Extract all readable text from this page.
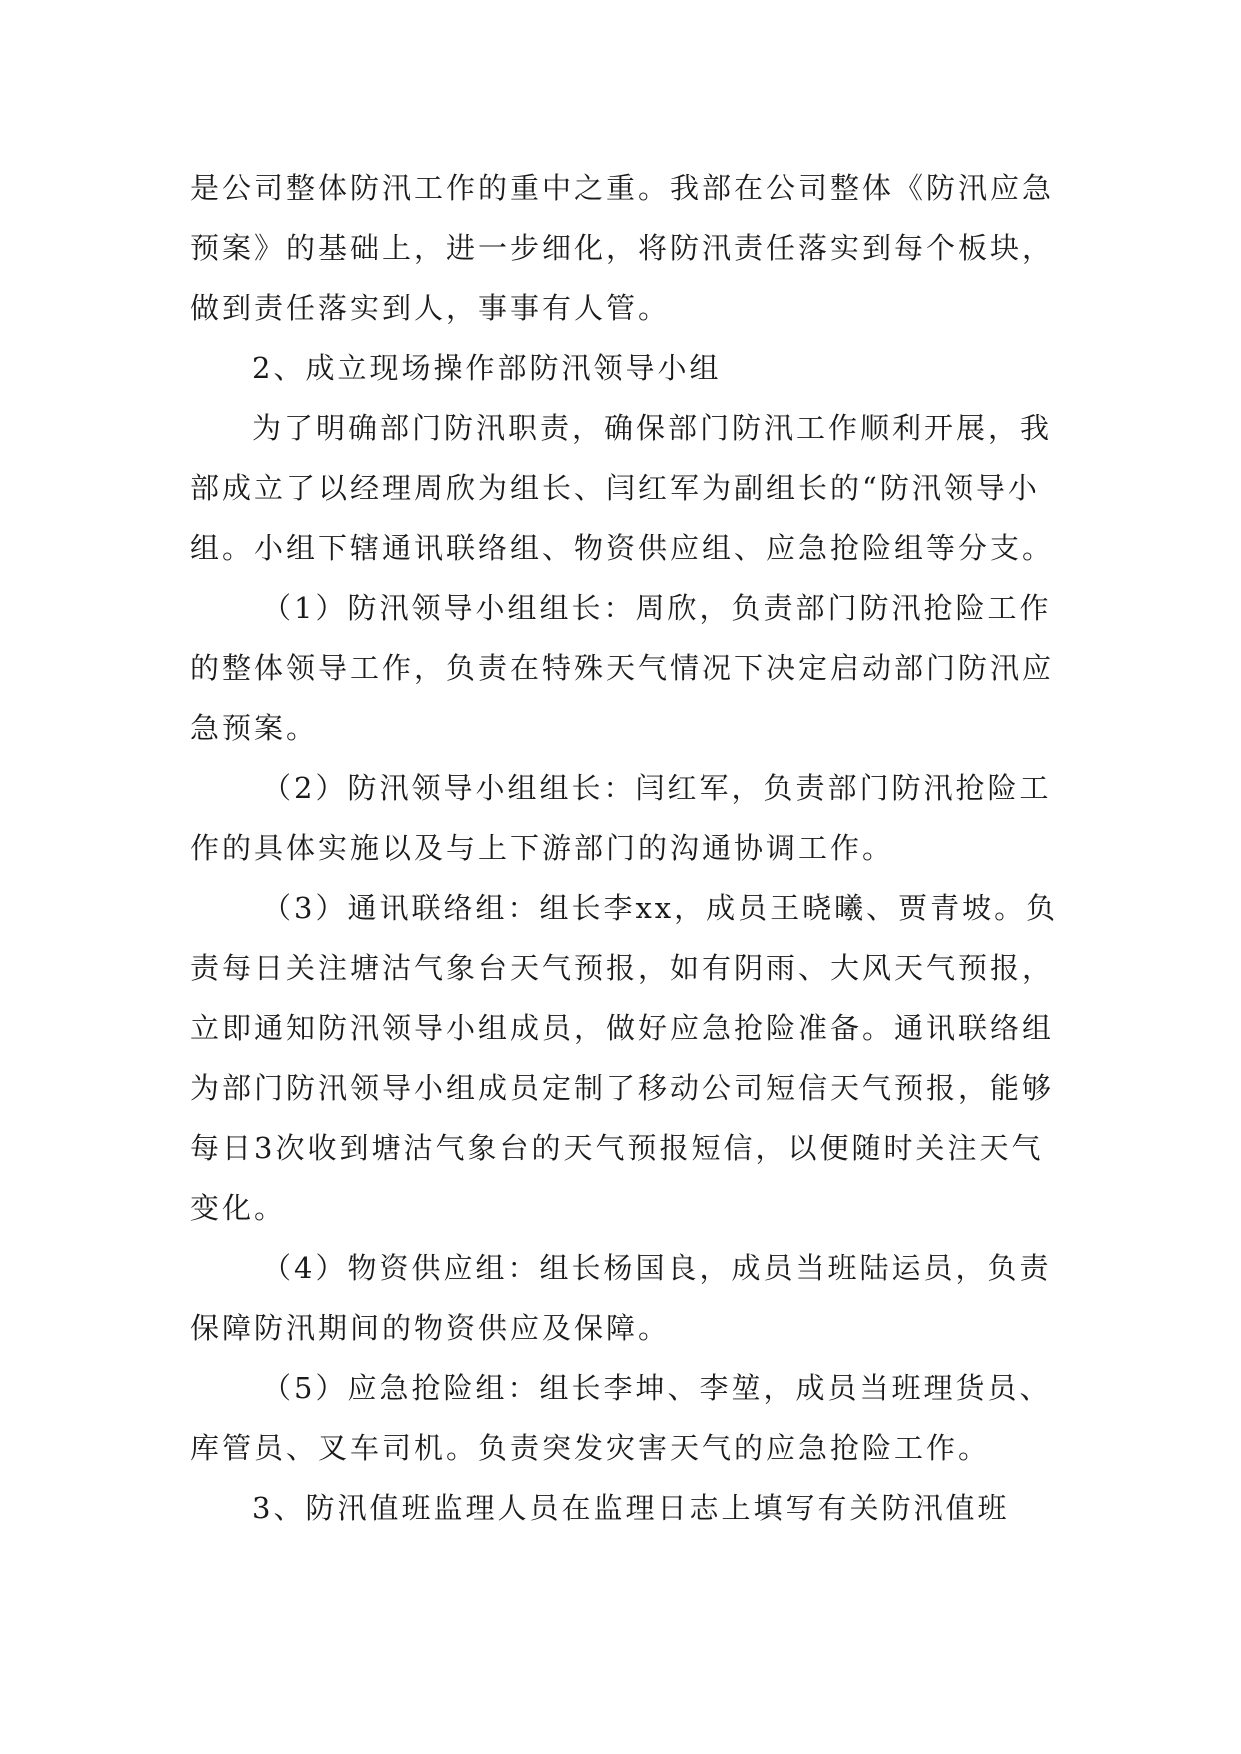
是公司整体防汛工作的重中之重。我部在公司整体《防汛应急预案》的基础上，进一步细化，将防汛责任落实到每个板块，做到责任落实到人，事事有人管。

2、成立现场操作部防汛领导小组

为了明确部门防汛职责，确保部门防汛工作顺利开展，我部成立了以经理周欣为组长、闫红军为副组长的“防汛领导小组。小组下辖通讯联络组、物资供应组、应急抢险组等分支。

（1）防汛领导小组组长：周欣，负责部门防汛抢险工作的整体领导工作，负责在特殊天气情况下决定启动部门防汛应急预案。

（2）防汛领导小组组长：闫红军，负责部门防汛抢险工作的具体实施以及与上下游部门的沟通协调工作。

（3）通讯联络组：组长李xx，成员王晓曦、贾青坡。负责每日关注塘沽气象台天气预报，如有阴雨、大风天气预报，立即通知防汛领导小组成员，做好应急抢险准备。通讯联络组为部门防汛领导小组成员定制了移动公司短信天气预报，能够每日3次收到塘沽气象台的天气预报短信，以便随时关注天气变化。

（4）物资供应组：组长杨国良，成员当班陆运员，负责保障防汛期间的物资供应及保障。

（5）应急抢险组：组长李坤、李堃，成员当班理货员、库管员、叉车司机。负责突发灾害天气的应急抢险工作。

3、防汛值班监理人员在监理日志上填写有关防汛值班
